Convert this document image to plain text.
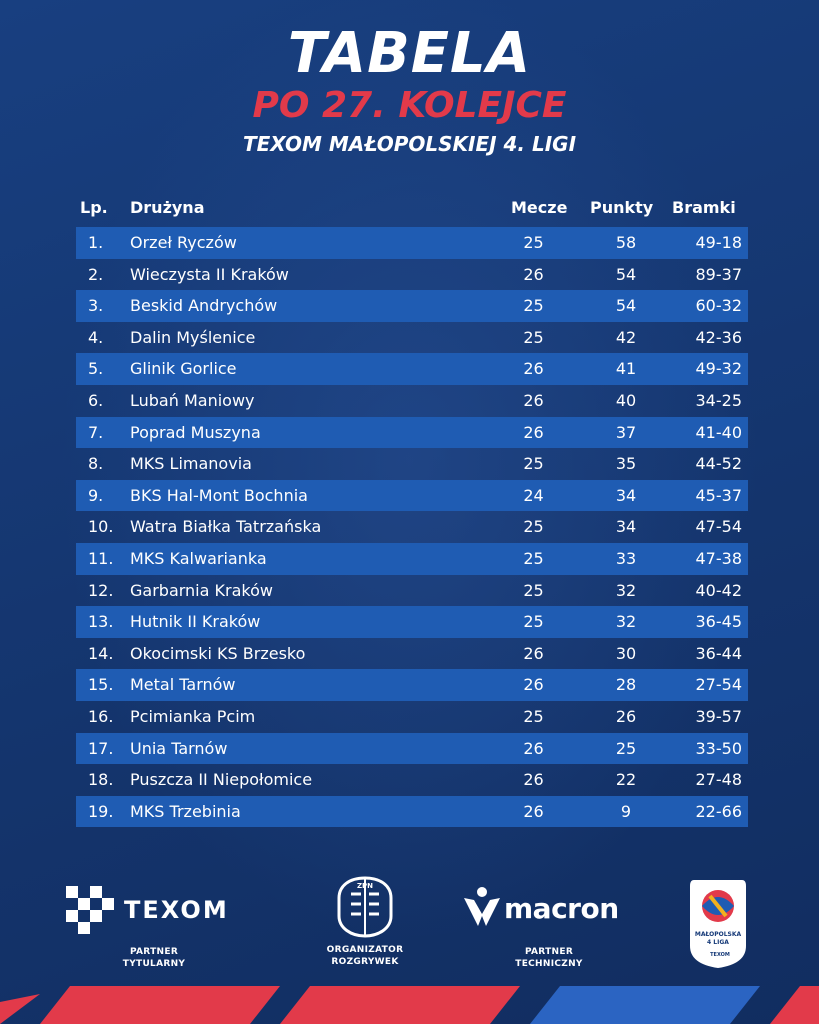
TABELA
PO 27. KOLEJCE
TEXOM MAŁOPOLSKIEJ 4. LIGI
Lp. Drużyna	Mecze Punkty Bramki
1. Orzeł Ryczów	25	58	49-18
2. Wieczysta II Kraków	26	54	89-37
3. Beskid Andrychów	25	54	60-32
4. Dalin Myślenice	25	42	42-36
5. Glinik Gorlice	26	41	49-32
6. Lubań Maniowy	26	40	34-25
7. Poprad Muszyna	26	37	41-40
8. MKS Limanovia	25	35	44-52
9. BKS Hal-Mont Bochnia	24	34	45-37
10. Watra Białka Tatrzańska	25	34	47-54
11. MKS Kalwarianka	25	33	47-38
12. Garbarnia Kraków	25	32	40-42
13. Hutnik II Kraków	25	32	36-45
14. Okocimski KS Brzesko	26	30	36-44
15. Metal Tarnów	26	28	27-54
16. Pcimianka Pcim	25	26	39-57
17. Unia Tarnów	26	25	33-50
18. Puszcza II Niepołomice	26	22	27-48
19. MKS Trzebinia	26	9	22-66
TEXOM
PARTNER
TYTULARNY
ZPN
ORGANIZATOR
ROZGRYWEK
macron
PARTNER
TECHNICZNY
MAŁOPOLSKA
4 LIGA
TEXOM
